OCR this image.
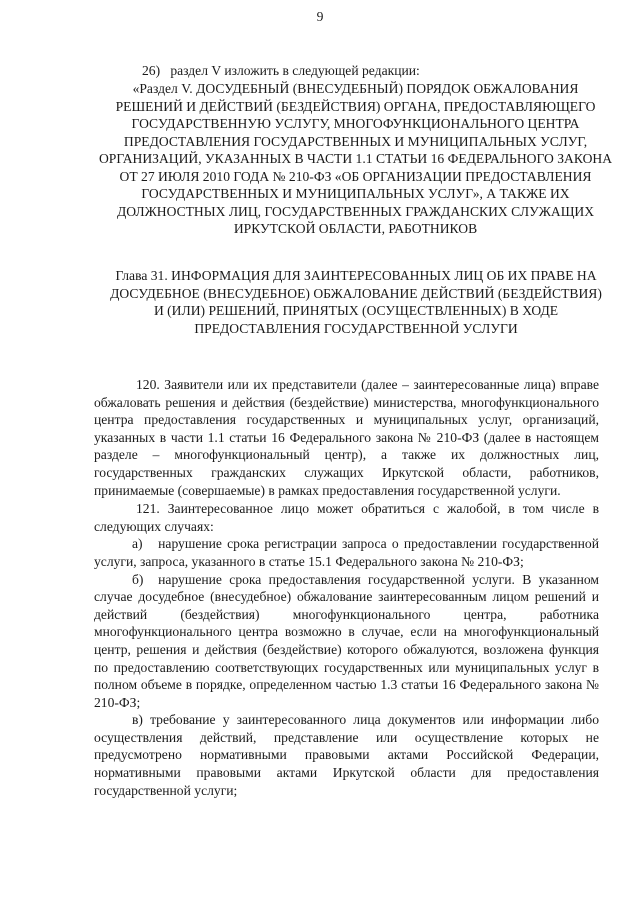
9
26)   раздел V изложить в следующей редакции:
«Раздел V. ДОСУДЕБНЫЙ (ВНЕСУДЕБНЫЙ) ПОРЯДОК ОБЖАЛОВАНИЯ РЕШЕНИЙ И ДЕЙСТВИЙ (БЕЗДЕЙСТВИЯ) ОРГАНА, ПРЕДОСТАВЛЯЮЩЕГО ГОСУДАРСТВЕННУЮ УСЛУГУ, МНОГОФУНКЦИОНАЛЬНОГО ЦЕНТРА ПРЕДОСТАВЛЕНИЯ ГОСУДАРСТВЕННЫХ И МУНИЦИПАЛЬНЫХ УСЛУГ, ОРГАНИЗАЦИЙ, УКАЗАННЫХ В ЧАСТИ 1.1 СТАТЬИ 16 ФЕДЕРАЛЬНОГО ЗАКОНА ОТ 27 ИЮЛЯ 2010 ГОДА № 210-ФЗ «ОБ ОРГАНИЗАЦИИ ПРЕДОСТАВЛЕНИЯ ГОСУДАРСТВЕННЫХ И МУНИЦИПАЛЬНЫХ УСЛУГ», А ТАКЖЕ ИХ ДОЛЖНОСТНЫХ ЛИЦ, ГОСУДАРСТВЕННЫХ ГРАЖДАНСКИХ СЛУЖАЩИХ ИРКУТСКОЙ ОБЛАСТИ, РАБОТНИКОВ
Глава 31. ИНФОРМАЦИЯ ДЛЯ ЗАИНТЕРЕСОВАННЫХ ЛИЦ ОБ ИХ ПРАВЕ НА ДОСУДЕБНОЕ (ВНЕСУДЕБНОЕ) ОБЖАЛОВАНИЕ ДЕЙСТВИЙ (БЕЗДЕЙСТВИЯ) И (ИЛИ) РЕШЕНИЙ, ПРИНЯТЫХ (ОСУЩЕСТВЛЕННЫХ) В ХОДЕ ПРЕДОСТАВЛЕНИЯ ГОСУДАРСТВЕННОЙ УСЛУГИ

120. Заявители или их представители (далее – заинтересованные лица) вправе обжаловать решения и действия (бездействие) министерства, многофункционального центра предоставления государственных и муниципальных услуг, организаций, указанных в части 1.1 статьи 16 Федерального закона № 210-ФЗ (далее в настоящем разделе – многофункциональный центр), а также их должностных лиц, государственных гражданских служащих Иркутской области, работников, принимаемые (совершаемые) в рамках предоставления государственной услуги.

121. Заинтересованное лицо может обратиться с жалобой, в том числе в следующих случаях:

а)   нарушение срока регистрации запроса о предоставлении государственной услуги, запроса, указанного в статье 15.1 Федерального закона № 210-ФЗ;

б)  нарушение срока предоставления государственной услуги. В указанном случае досудебное (внесудебное) обжалование заинтересованным лицом решений и действий (бездействия) многофункционального центра, работника многофункционального центра возможно в случае, если на многофункциональный центр, решения и действия (бездействие) которого обжалуются, возложена функция по предоставлению соответствующих государственных или муниципальных услуг в полном объеме в порядке, определенном частью 1.3 статьи 16 Федерального закона № 210-ФЗ;

в) требование у заинтересованного лица документов или информации либо осуществления действий, представление или осуществление которых не предусмотрено нормативными правовыми актами Российской Федерации, нормативными правовыми актами Иркутской области для предоставления государственной услуги;
